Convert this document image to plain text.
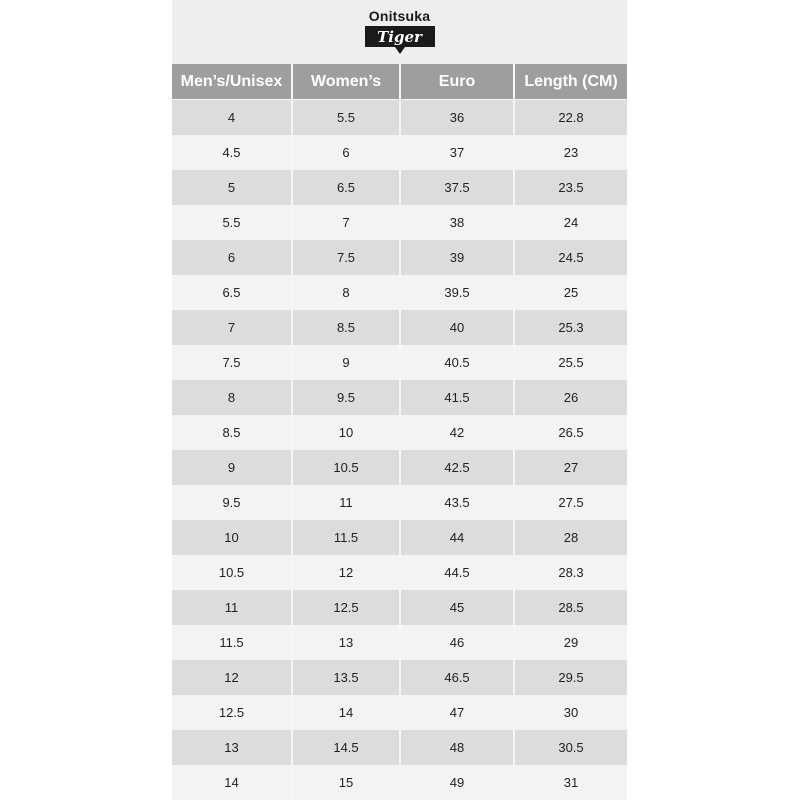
Onitsuka
Tiger
Men’s/Unisex	Women’s	Euro	Length (CM)
4	5.5	36	22.8
4.5	6	37	23
5	6.5	37.5	23.5
5.5	7	38	24
6	7.5	39	24.5
6.5	8	39.5	25
7	8.5	40	25.3
7.5	9	40.5	25.5
8	9.5	41.5	26
8.5	10	42	26.5
9	10.5	42.5	27
9.5	11	43.5	27.5
10	11.5	44	28
10.5	12	44.5	28.3
11	12.5	45	28.5
11.5	13	46	29
12	13.5	46.5	29.5
12.5	14	47	30
13	14.5	48	30.5
14	15	49	31
